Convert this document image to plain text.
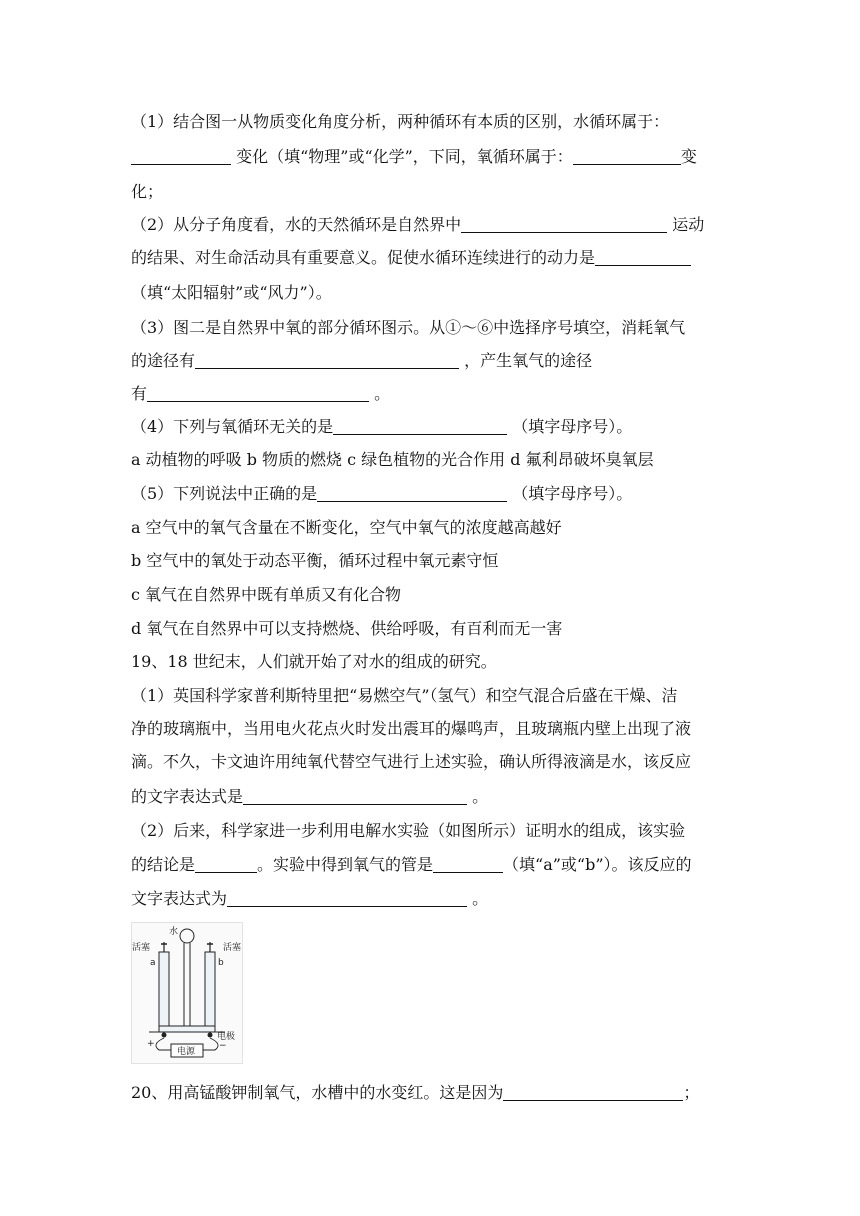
（1）结合图一从物质变化角度分析，两种循环有本质的区别，水循环属于：
变化（填“物理”或“化学”，下同，氧循环属于：	变
化；
（2）从分子角度看，水的天然循环是自然界中	运动
的结果、对生命活动具有重要意义。促使水循环连续进行的动力是
（填“太阳辐射”或“风力”）。
（3）图二是自然界中氧的部分循环图示。从①～⑥中选择序号填空，消耗氧气
的途径有	，产生氧气的途径
有	。
（4）下列与氧循环无关的是	（填字母序号）。
a 动植物的呼吸 b 物质的燃烧 c 绿色植物的光合作用 d 氟利昂破坏臭氧层
（5）下列说法中正确的是	（填字母序号）。
a 空气中的氧气含量在不断变化，空气中氧气的浓度越高越好
b 空气中的氧处于动态平衡，循环过程中氧元素守恒
c 氧气在自然界中既有单质又有化合物
d 氧气在自然界中可以支持燃烧、供给呼吸，有百利而无一害
19、18 世纪末，人们就开始了对水的组成的研究。
（1）英国科学家普利斯特里把“易燃空气”（氢气）和空气混合后盛在干燥、洁
净的玻璃瓶中，当用电火花点火时发出震耳的爆鸣声，且玻璃瓶内壁上出现了液
滴。不久，卡文迪许用纯氧代替空气进行上述实验，确认所得液滴是水，该反应
的文字表达式是	。
（2）后来，科学家进一步利用电解水实验（如图所示）证明水的组成，该实验
的结论是	。实验中得到氧气的管是	（填“a”或“b”）。该反应的
文字表达式为	。
电源
水
活塞	活塞
a	b
电极
+	−
20、用高锰酸钾制氧气，水槽中的水变红。这是因为	；
